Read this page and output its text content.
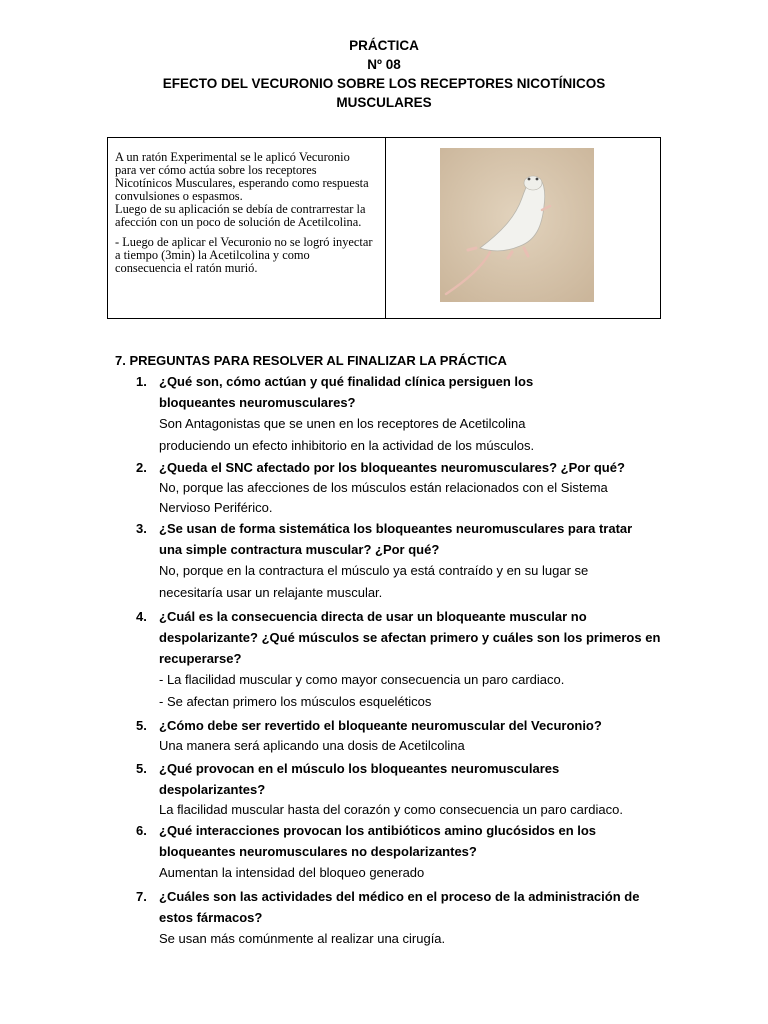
PRÁCTICA
Nº 08
EFECTO DEL VECURONIO SOBRE LOS RECEPTORES NICOTÍNICOS
MUSCULARES

A un ratón Experimental se le aplicó Vecuronio
para ver cómo actúa sobre los receptores
Nicotínicos Musculares, esperando como respuesta
convulsiones o espasmos.
Luego de su aplicación se debía de contrarrestar la
afección con un poco de solución de Acetilcolina.

- Luego de aplicar el Vecuronio no se logró inyectar
a tiempo (3min) la Acetilcolina y como
consecuencia el ratón murió.

7. PREGUNTAS PARA RESOLVER AL FINALIZAR LA PRÁCTICA
1. ¿Qué son, cómo actúan y qué finalidad clínica persiguen los
bloqueantes neuromusculares?
Son Antagonistas que se unen en los receptores de Acetilcolina
produciendo un efecto inhibitorio en la actividad de los músculos.
2. ¿Queda el SNC afectado por los bloqueantes neuromusculares? ¿Por qué?
No, porque las afecciones de los músculos están relacionados con el Sistema
Nervioso Periférico.
3. ¿Se usan de forma sistemática los bloqueantes neuromusculares para tratar
una simple contractura muscular? ¿Por qué?
No, porque en la contractura el músculo ya está contraído y en su lugar se
necesitaría usar un relajante muscular.
4. ¿Cuál es la consecuencia directa de usar un bloqueante muscular no
despolarizante? ¿Qué músculos se afectan primero y cuáles son los primeros en
recuperarse?
- La flacilidad muscular y como mayor consecuencia un paro cardiaco.
- Se afectan primero los músculos esqueléticos
5. ¿Cómo debe ser revertido el bloqueante neuromuscular del Vecuronio?
Una manera será aplicando una dosis de Acetilcolina
5. ¿Qué provocan en el músculo los bloqueantes neuromusculares
despolarizantes?
La flacilidad muscular hasta del corazón y como consecuencia un paro cardiaco.
6. ¿Qué interacciones provocan los antibióticos amino glucósidos en los
bloqueantes neuromusculares no despolarizantes?
Aumentan la intensidad del bloqueo generado
7. ¿Cuáles son las actividades del médico en el proceso de la administración de
estos fármacos?
Se usan más comúnmente al realizar una cirugía.
